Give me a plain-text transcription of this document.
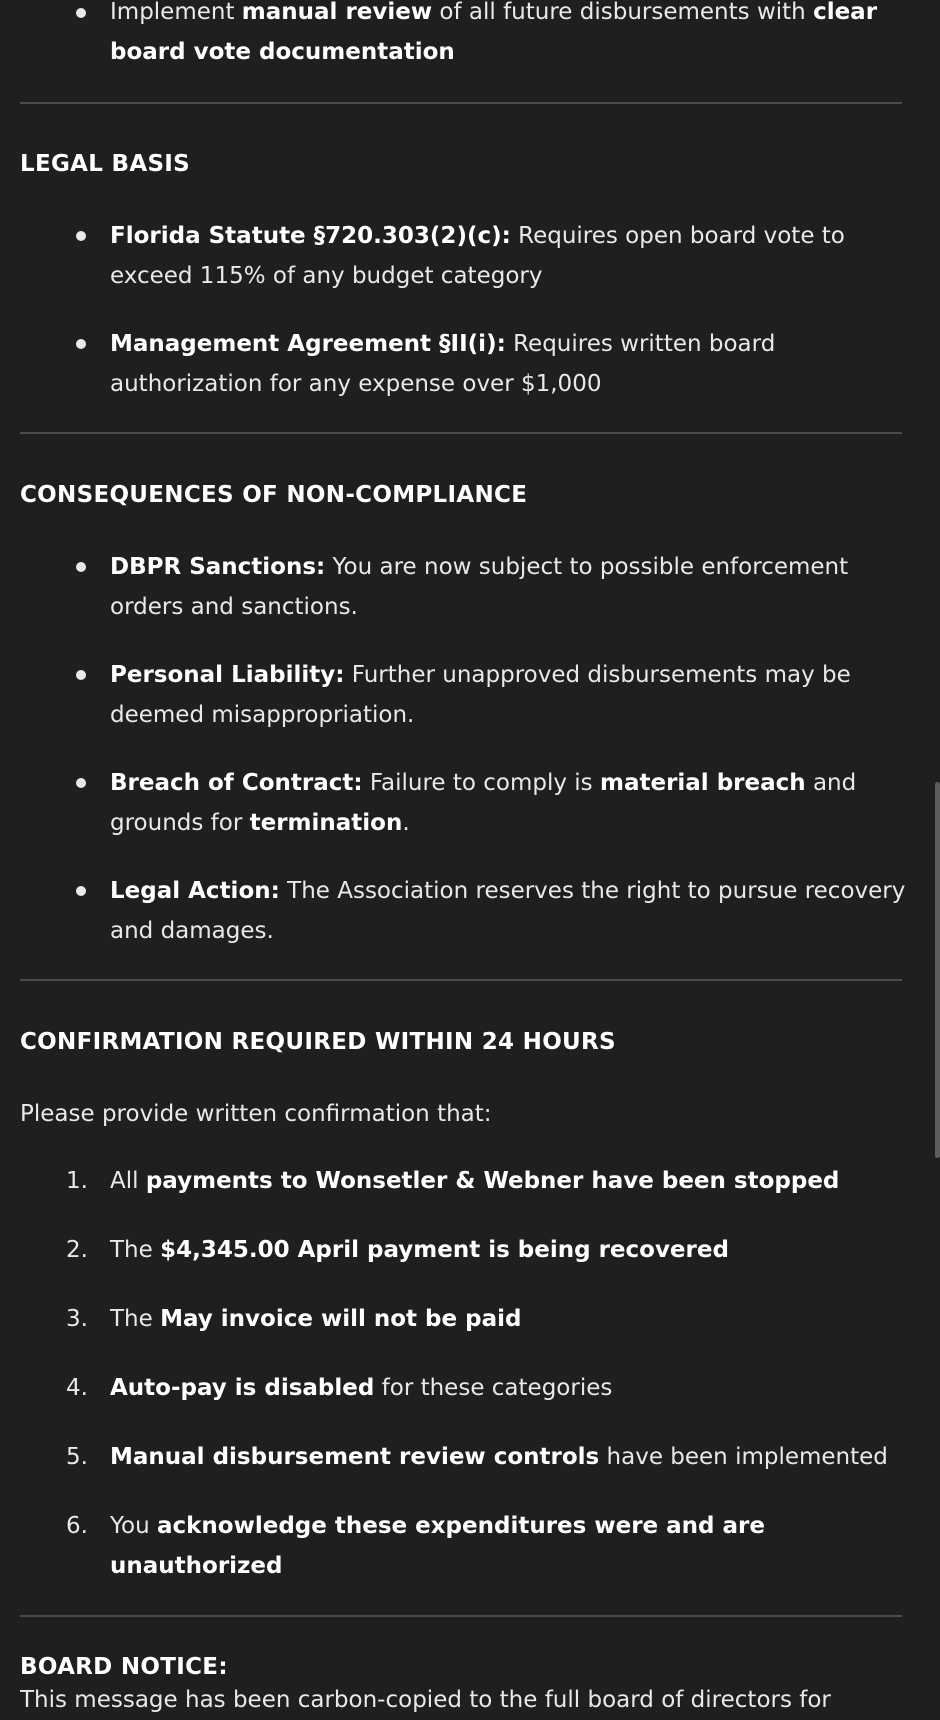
Implement manual review of all future disbursements with clear board vote documentation
LEGAL BASIS
Florida Statute §720.303(2)(c): Requires open board vote to exceed 115% of any budget category
Management Agreement §II(i): Requires written board authorization for any expense over $1,000
CONSEQUENCES OF NON-COMPLIANCE
DBPR Sanctions: You are now subject to possible enforcement orders and sanctions.
Personal Liability: Further unapproved disbursements may be deemed misappropriation.
Breach of Contract: Failure to comply is material breach and grounds for termination.
Legal Action: The Association reserves the right to pursue recovery and damages.
CONFIRMATION REQUIRED WITHIN 24 HOURS
Please provide written confirmation that:
1. All payments to Wonsetler & Webner have been stopped
2. The $4,345.00 April payment is being recovered
3. The May invoice will not be paid
4. Auto-pay is disabled for these categories
5. Manual disbursement review controls have been implemented
6. You acknowledge these expenditures were and are unauthorized
BOARD NOTICE:
This message has been carbon-copied to the full board of directors for
